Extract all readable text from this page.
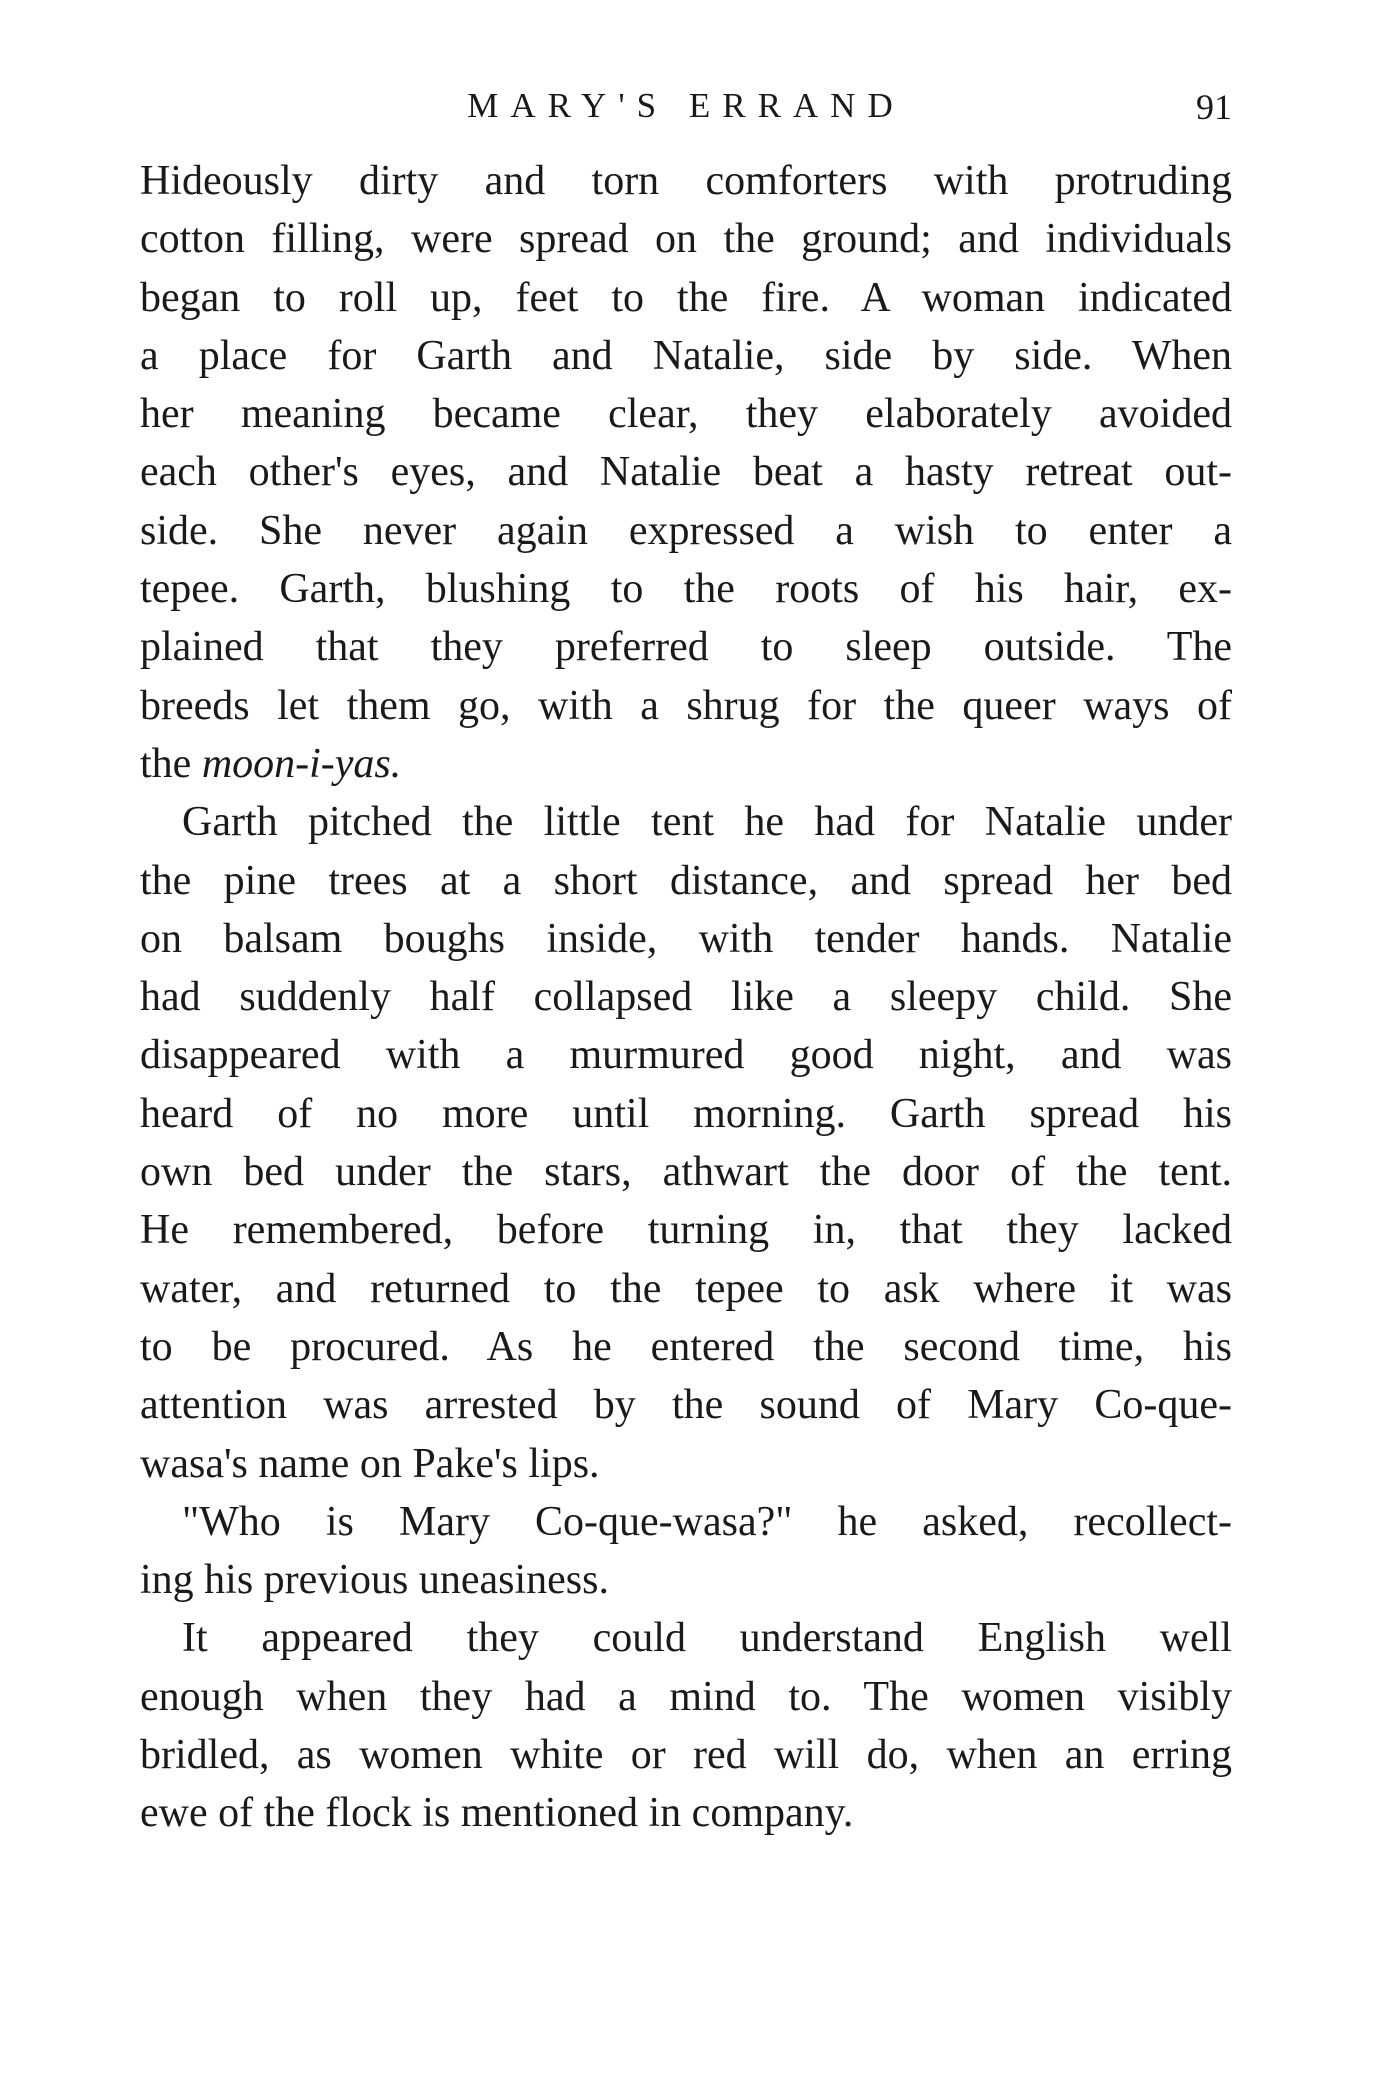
MARY'S ERRAND	91

Hideously dirty and torn comforters with protruding
cotton filling, were spread on the ground; and individuals
began to roll up, feet to the fire. A woman indicated
a place for Garth and Natalie, side by side. When
her meaning became clear, they elaborately avoided
each other's eyes, and Natalie beat a hasty retreat out-
side. She never again expressed a wish to enter a
tepee. Garth, blushing to the roots of his hair, ex-
plained that they preferred to sleep outside. The
breeds let them go, with a shrug for the queer ways of
the moon-i-yas.

Garth pitched the little tent he had for Natalie under
the pine trees at a short distance, and spread her bed
on balsam boughs inside, with tender hands. Natalie
had suddenly half collapsed like a sleepy child. She
disappeared with a murmured good night, and was
heard of no more until morning. Garth spread his
own bed under the stars, athwart the door of the tent.
He remembered, before turning in, that they lacked
water, and returned to the tepee to ask where it was
to be procured. As he entered the second time, his
attention was arrested by the sound of Mary Co-que-
wasa's name on Pake's lips.

"Who is Mary Co-que-wasa?" he asked, recollect-
ing his previous uneasiness.

It appeared they could understand English well
enough when they had a mind to. The women visibly
bridled, as women white or red will do, when an erring
ewe of the flock is mentioned in company.
